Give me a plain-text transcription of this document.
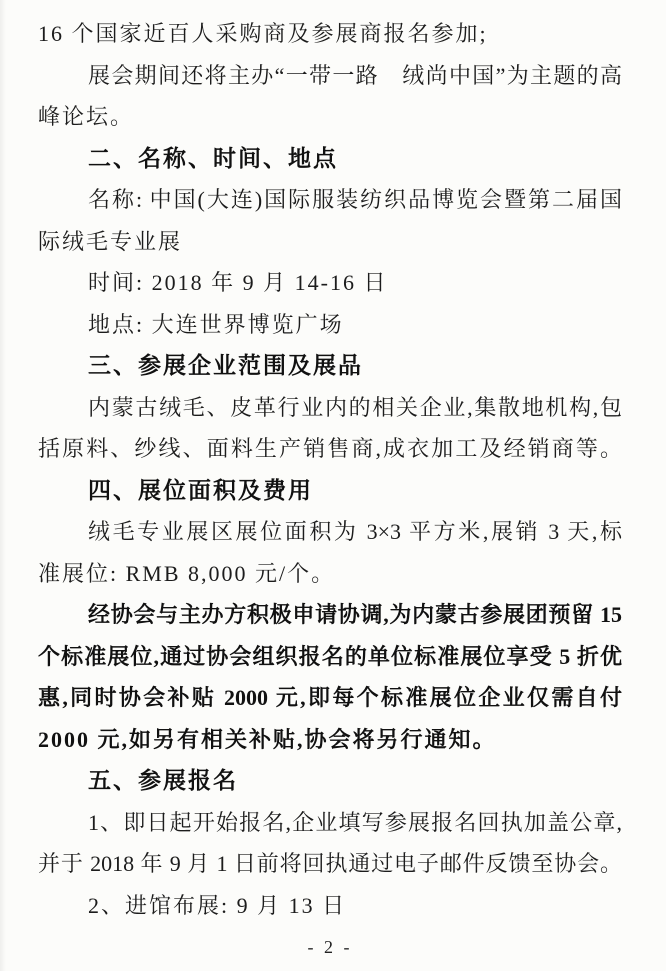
16 个国家近百人采购商及参展商报名参加;
展会期间还将主办“一带一路　绒尚中国”为主题的高
峰论坛。
二、名称、时间、地点
名称: 中国(大连)国际服装纺织品博览会暨第二届国
际绒毛专业展
时间: 2018 年 9 月 14-16 日
地点: 大连世界博览广场
三、参展企业范围及展品
内蒙古绒毛、皮革行业内的相关企业,集散地机构,包
括原料、纱线、面料生产销售商,成衣加工及经销商等。
四、展位面积及费用
绒毛专业展区展位面积为 3×3 平方米,展销 3 天,标
准展位: RMB 8,000 元/个。
经协会与主办方积极申请协调,为内蒙古参展团预留 15
个标准展位,通过协会组织报名的单位标准展位享受 5 折优
惠,同时协会补贴 2000 元,即每个标准展位企业仅需自付
2000 元,如另有相关补贴,协会将另行通知。
五、参展报名
1、即日起开始报名,企业填写参展报名回执加盖公章,
并于 2018 年 9 月 1 日前将回执通过电子邮件反馈至协会。
2、进馆布展: 9 月 13 日
- 2 -
